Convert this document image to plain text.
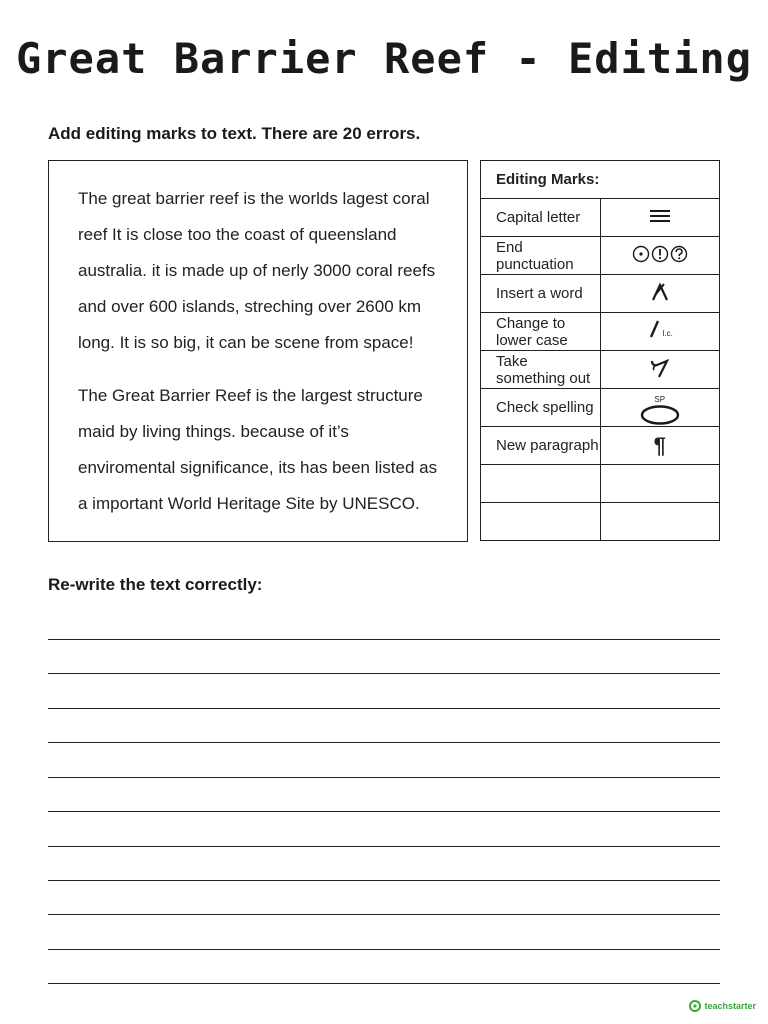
Great Barrier Reef - Editing
Add editing marks to text. There are 20 errors.

The great barrier reef is the worlds lagest coral reef It is close too the coast of queensland australia. it is made up of nerly 3000 coral reefs and over 600 islands, streching over 2600 km long. It is so big, it can be scene from space!

The Great Barrier Reef is the largest structure maid by living things. because of it’s enviromental significance, its has been listed as a important World Heritage Site by UNESCO.

Editing Marks:	
Capital letter	

End punctuation	

Insert a word	

Change to lower case	l.c.

Take something out	

Check spelling	SP

New paragraph	¶

Re-write the text correctly:
teachstarter
